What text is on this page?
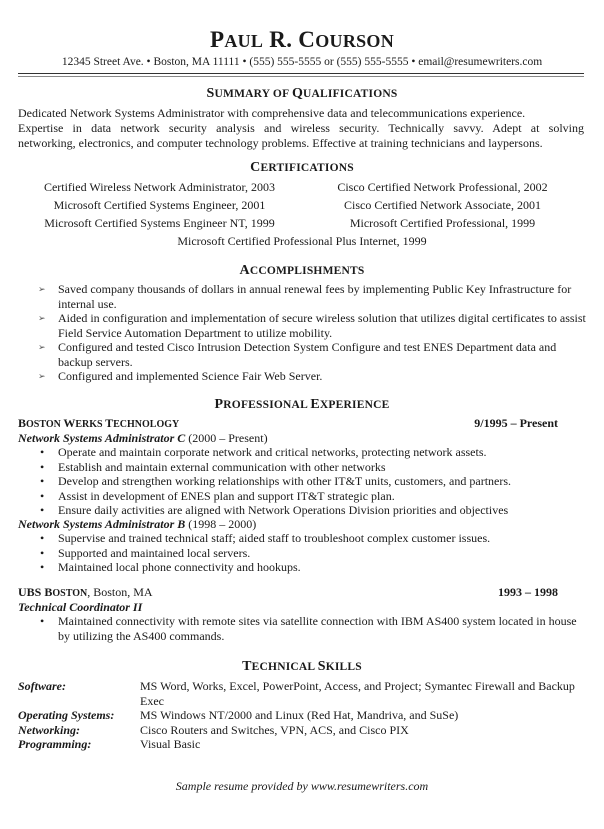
PAUL R. COURSON
12345 Street Ave. • Boston, MA 11111 • (555) 555-5555 or (555) 555-5555 • email@resumewriters.com
SUMMARY OF QUALIFICATIONS
Dedicated Network Systems Administrator with comprehensive data and telecommunications experience.
Expertise in data network security analysis and wireless security. Technically savvy. Adept at solving
networking, electronics, and computer technology problems. Effective at training technicians and laypersons.
CERTIFICATIONS
Certified Wireless Network Administrator, 2003	Cisco Certified Network Professional, 2002
Microsoft Certified Systems Engineer, 2001	Cisco Certified Network Associate, 2001
Microsoft Certified Systems Engineer NT, 1999	Microsoft Certified Professional, 1999
Microsoft Certified Professional Plus Internet, 1999
ACCOMPLISHMENTS
➢ Saved company thousands of dollars in annual renewal fees by implementing Public Key Infrastructure for internal use.
➢ Aided in configuration and implementation of secure wireless solution that utilizes digital certificates to assist Field Service Automation Department to utilize mobility.
➢ Configured and tested Cisco Intrusion Detection System Configure and test ENES Department data and backup servers.
➢ Configured and implemented Science Fair Web Server.
PROFESSIONAL EXPERIENCE
BOSTON WERKS TECHNOLOGY	9/1995 – Present
Network Systems Administrator C (2000 – Present)
• Operate and maintain corporate network and critical networks, protecting network assets.
• Establish and maintain external communication with other networks
• Develop and strengthen working relationships with other IT&T units, customers, and partners.
• Assist in development of ENES plan and support IT&T strategic plan.
• Ensure daily activities are aligned with Network Operations Division priorities and objectives
Network Systems Administrator B (1998 – 2000)
• Supervise and trained technical staff; aided staff to troubleshoot complex customer issues.
• Supported and maintained local servers.
• Maintained local phone connectivity and hookups.
UBS BOSTON, Boston, MA	1993 – 1998
Technical Coordinator II
• Maintained connectivity with remote sites via satellite connection with IBM AS400 system located in house by utilizing the AS400 commands.
TECHNICAL SKILLS
Software:	MS Word, Works, Excel, PowerPoint, Access, and Project; Symantec Firewall and Backup Exec
Operating Systems:	MS Windows NT/2000 and Linux (Red Hat, Mandriva, and SuSe)
Networking:	Cisco Routers and Switches, VPN, ACS, and Cisco PIX
Programming:	Visual Basic
Sample resume provided by www.resumewriters.com
